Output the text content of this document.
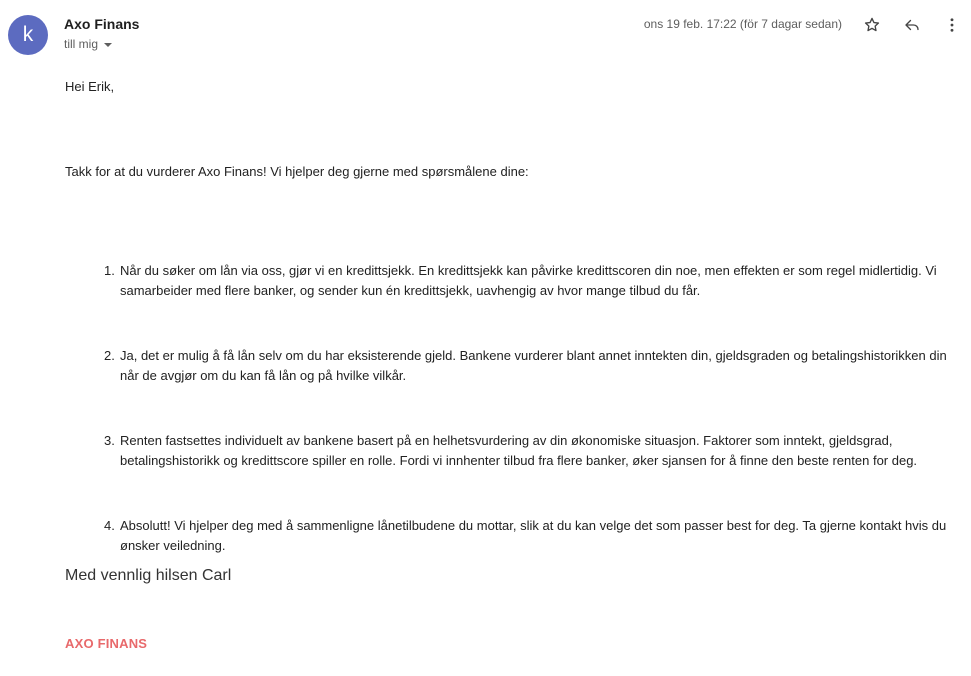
k	Axo Finans
till mig
ons 19 feb. 17:22 (för 7 dagar sedan)
Hei Erik,
Takk for at du vurderer Axo Finans! Vi hjelper deg gjerne med spørsmålene dine:
1. Når du søker om lån via oss, gjør vi en kredittsjekk. En kredittsjekk kan påvirke kredittscoren din noe, men effekten er som regel midlertidig. Vi samarbeider med flere banker, og sender kun én kredittsjekk, uavhengig av hvor mange tilbud du får.
2. Ja, det er mulig å få lån selv om du har eksisterende gjeld. Bankene vurderer blant annet inntekten din, gjeldsgraden og betalingshistorikken din når de avgjør om du kan få lån og på hvilke vilkår.
3. Renten fastsettes individuelt av bankene basert på en helhetsvurdering av din økonomiske situasjon. Faktorer som inntekt, gjeldsgrad, betalingshistorikk og kredittscore spiller en rolle. Fordi vi innhenter tilbud fra flere banker, øker sjansen for å finne den beste renten for deg.
4. Absolutt! Vi hjelper deg med å sammenligne lånetilbudene du mottar, slik at du kan velge det som passer best for deg. Ta gjerne kontakt hvis du ønsker veiledning.
Med vennlig hilsen Carl
AXO FINANS
